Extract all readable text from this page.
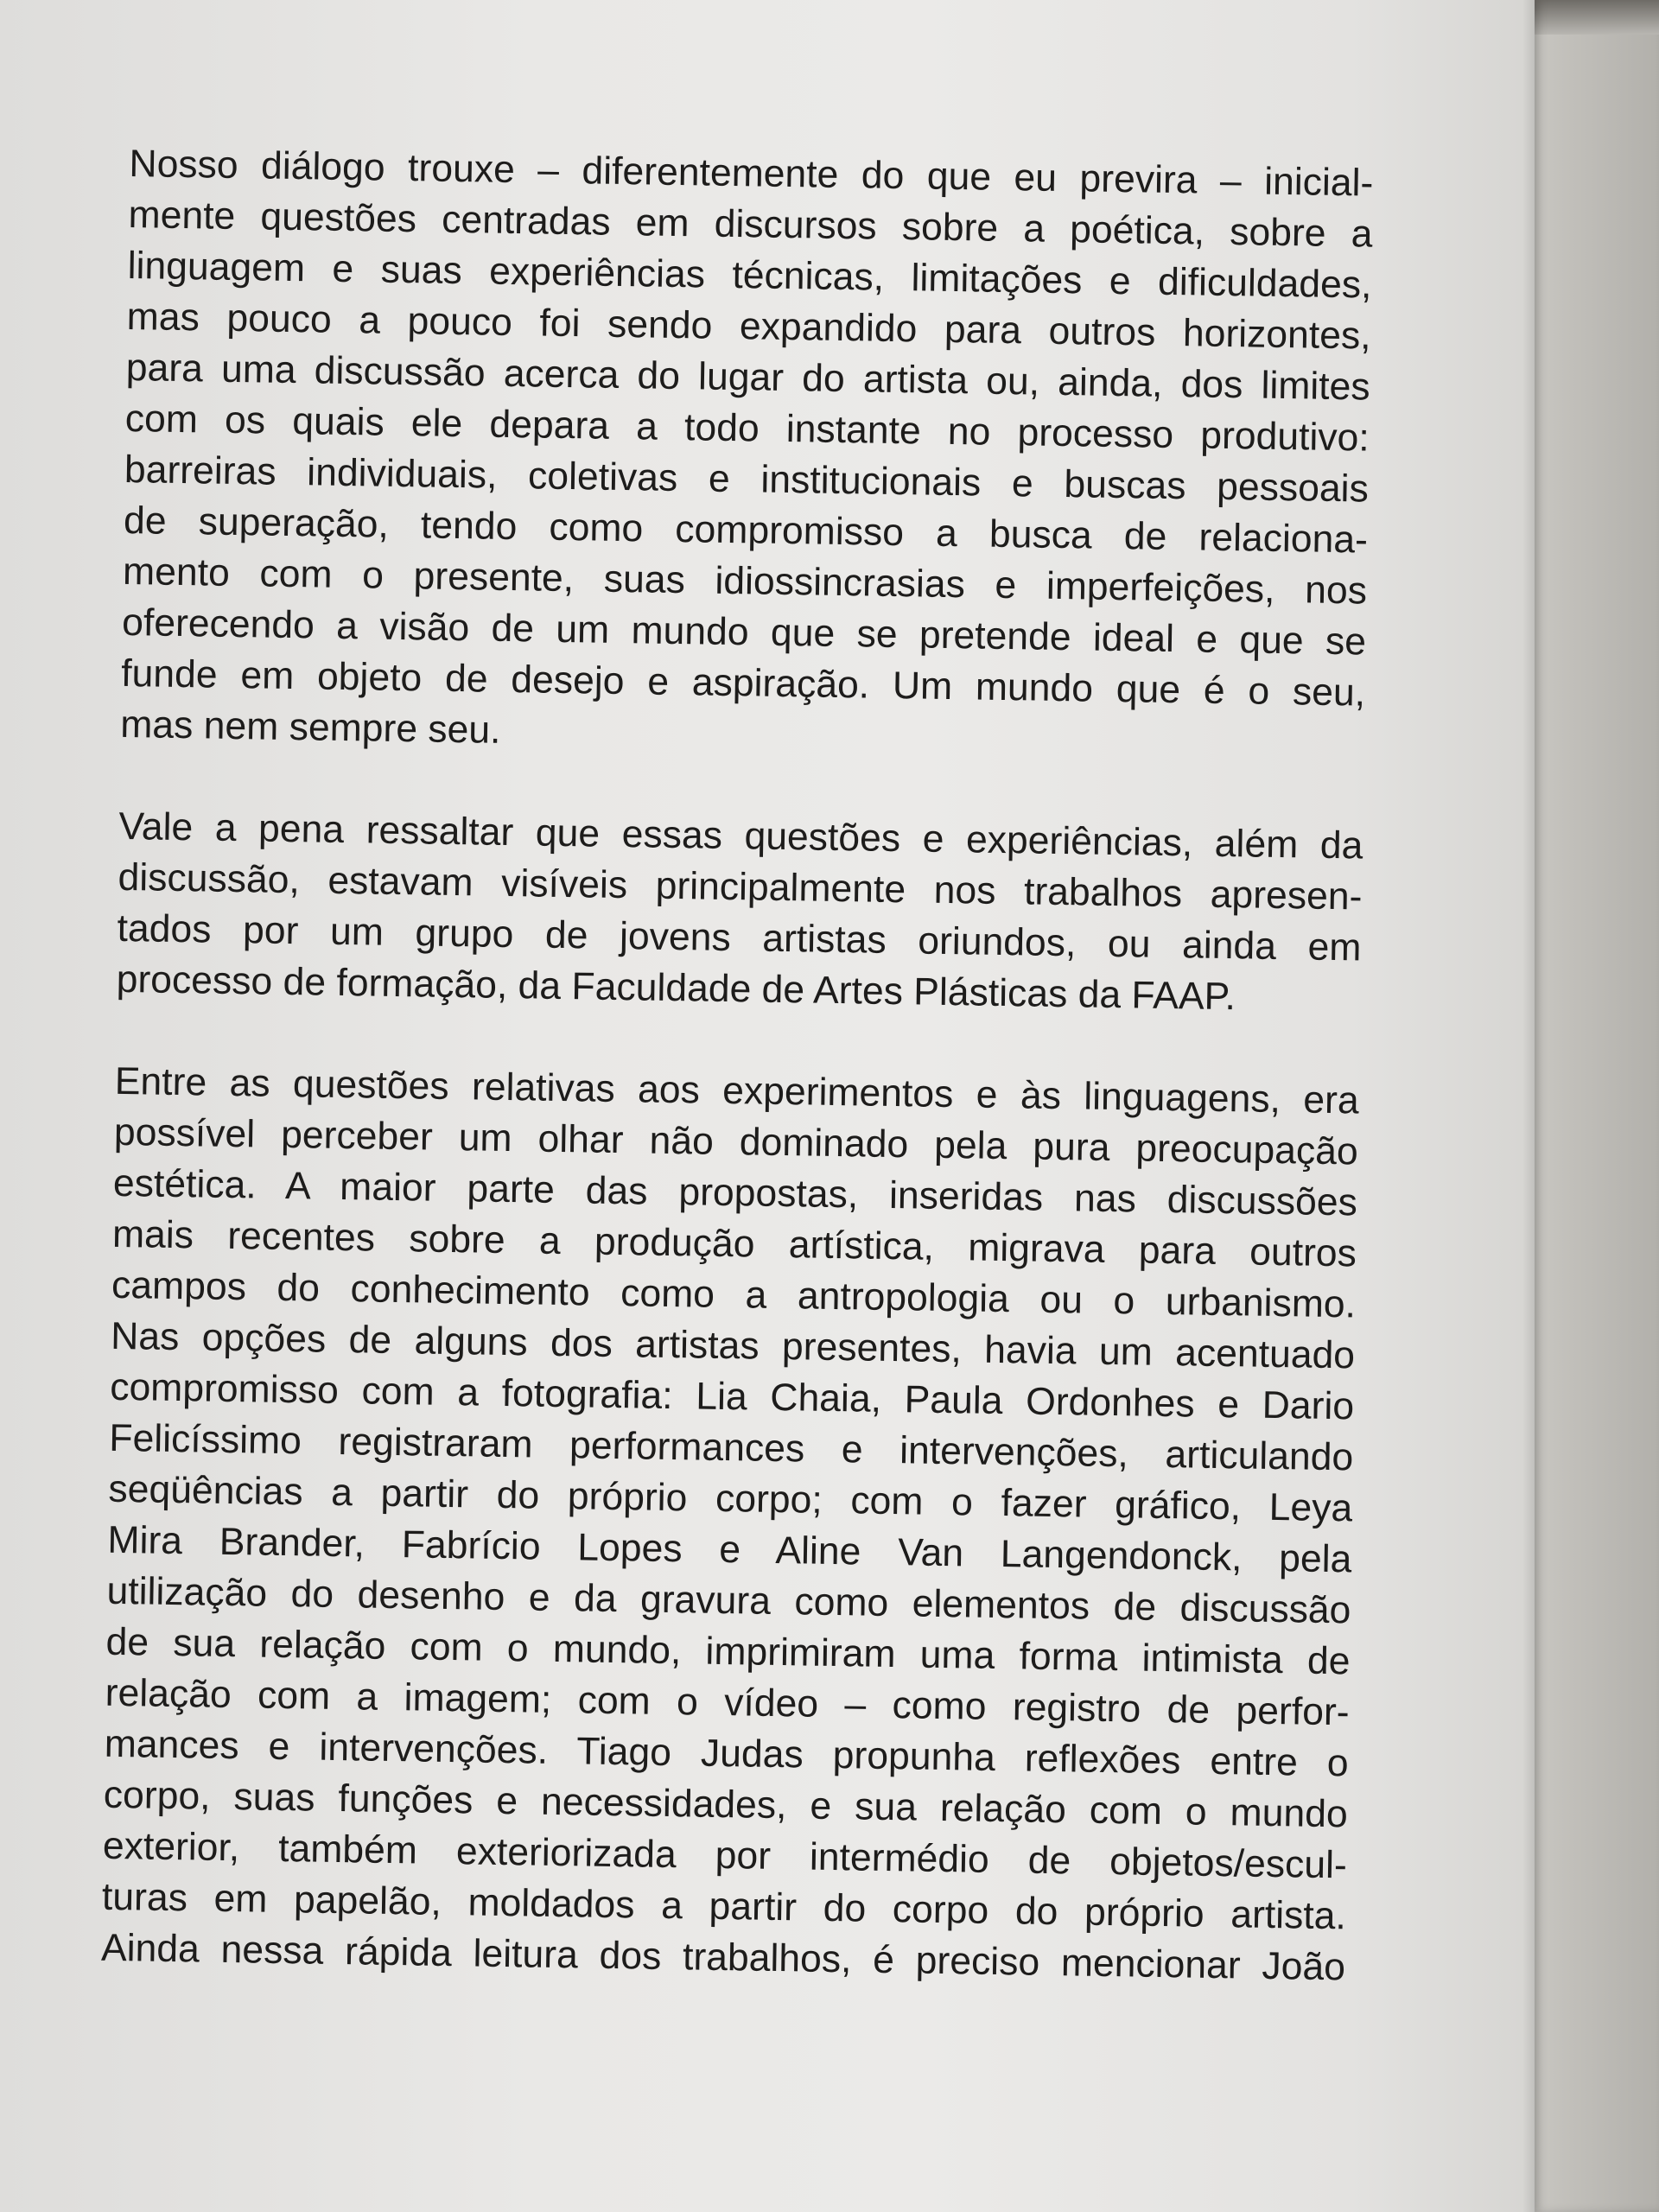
Nosso diálogo trouxe – diferentemente do que eu previra – inicial-
mente questões centradas em discursos sobre a poética, sobre a
linguagem e suas experiências técnicas, limitações e dificuldades,
mas pouco a pouco foi sendo expandido para outros horizontes,
para uma discussão acerca do lugar do artista ou, ainda, dos limites
com os quais ele depara a todo instante no processo produtivo:
barreiras individuais, coletivas e institucionais e buscas pessoais
de superação, tendo como compromisso a busca de relaciona-
mento com o presente, suas idiossincrasias e imperfeições, nos
oferecendo a visão de um mundo que se pretende ideal e que se
funde em objeto de desejo e aspiração. Um mundo que é o seu,
mas nem sempre seu.
Vale a pena ressaltar que essas questões e experiências, além da
discussão, estavam visíveis principalmente nos trabalhos apresen-
tados por um grupo de jovens artistas oriundos, ou ainda em
processo de formação, da Faculdade de Artes Plásticas da FAAP.
Entre as questões relativas aos experimentos e às linguagens, era
possível perceber um olhar não dominado pela pura preocupação
estética. A maior parte das propostas, inseridas nas discussões
mais recentes sobre a produção artística, migrava para outros
campos do conhecimento como a antropologia ou o urbanismo.
Nas opções de alguns dos artistas presentes, havia um acentuado
compromisso com a fotografia: Lia Chaia, Paula Ordonhes e Dario
Felicíssimo registraram performances e intervenções, articulando
seqüências a partir do próprio corpo; com o fazer gráfico, Leya
Mira Brander, Fabrício Lopes e Aline Van Langendonck, pela
utilização do desenho e da gravura como elementos de discussão
de sua relação com o mundo, imprimiram uma forma intimista de
relação com a imagem; com o vídeo – como registro de perfor-
mances e intervenções. Tiago Judas propunha reflexões entre o
corpo, suas funções e necessidades, e sua relação com o mundo
exterior, também exteriorizada por intermédio de objetos/escul-
turas em papelão, moldados a partir do corpo do próprio artista.
Ainda nessa rápida leitura dos trabalhos, é preciso mencionar João
